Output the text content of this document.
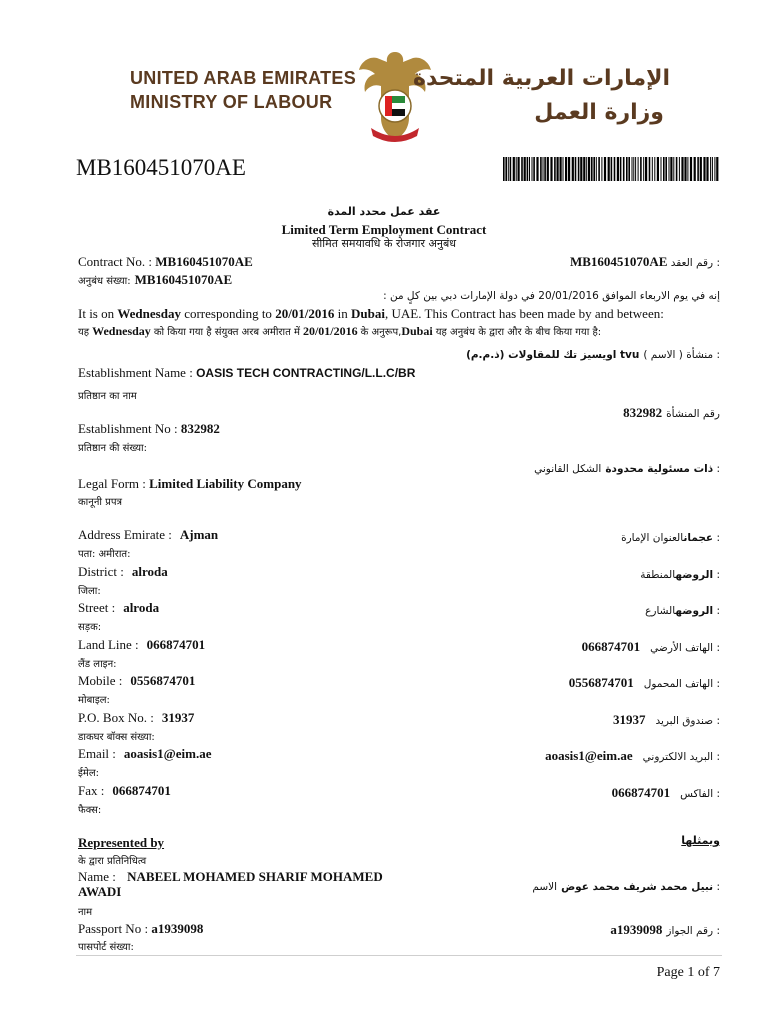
UNITED ARAB EMIRATES
MINISTRY OF LABOUR
الإمارات العربية المتحدة
وزارة العمل
MB160451070AE
عقد عمل محدد المدة
Limited Term Employment Contract
सीमित समयावधि के रोजगार अनुबंध
Contract No. : MB160451070AE	MB160451070AE رقم العقد :
अनुबंध संख्या: MB160451070AE
إنه في يوم الاربعاء الموافق 20/01/2016 في دولة الإمارات دبي بين كلٍ من :
It is on Wednesday corresponding to 20/01/2016 in Dubai, UAE. This Contract has been made by and between:
यह Wednesday को किया गया है संयुक्त अरब अमीरात में 20/01/2016 के अनुरूप,Dubai यह अनुबंध के द्वारा और के बीच किया गया है:
اويسيز تك للمقاولات (ذ.م.م) tvu منشأة ( الاسم ) :
Establishment Name : OASIS TECH CONTRACTING/L.L.C/BR
प्रतिष्ठान का नाम
832982 رقم المنشأة
Establishment No : 832982
प्रतिष्ठान की संख्या:
ذات مسئولية محدودة الشكل القانوني :
Legal Form : Limited Liability Company
कानूनी प्रपत्र
Address Emirate : Ajman
पता: अमीरात:
عجمانالعنوان الإمارة :
District : alroda
जिला:
الروضهالمنطقة :
Street : alroda
सड़क:
الروضهالشارع :
Land Line : 066874701
लैंड लाइन:
066874701 الهاتف الأرضي :
Mobile : 0556874701
मोबाइल:
0556874701 الهاتف المحمول :
P.O. Box No. : 31937
डाकघर बॉक्स संख्या:
31937 صندوق البريد :
Email : aoasis1@eim.ae
ईमेल:
aoasis1@eim.ae البريد الالكتروني :
Fax : 066874701
फैक्स:
066874701 الفاكس :
Represented by	ويمثلها
के द्वारा प्रतिनिधित्व
Name : NABEEL MOHAMED SHARIF MOHAMED
AWADI	نبيل محمد شريف محمد عوض الاسم :
नाम
Passport No : a1939098	a1939098 رقم الجواز :
पासपोर्ट संख्या:
Page 1 of 7
